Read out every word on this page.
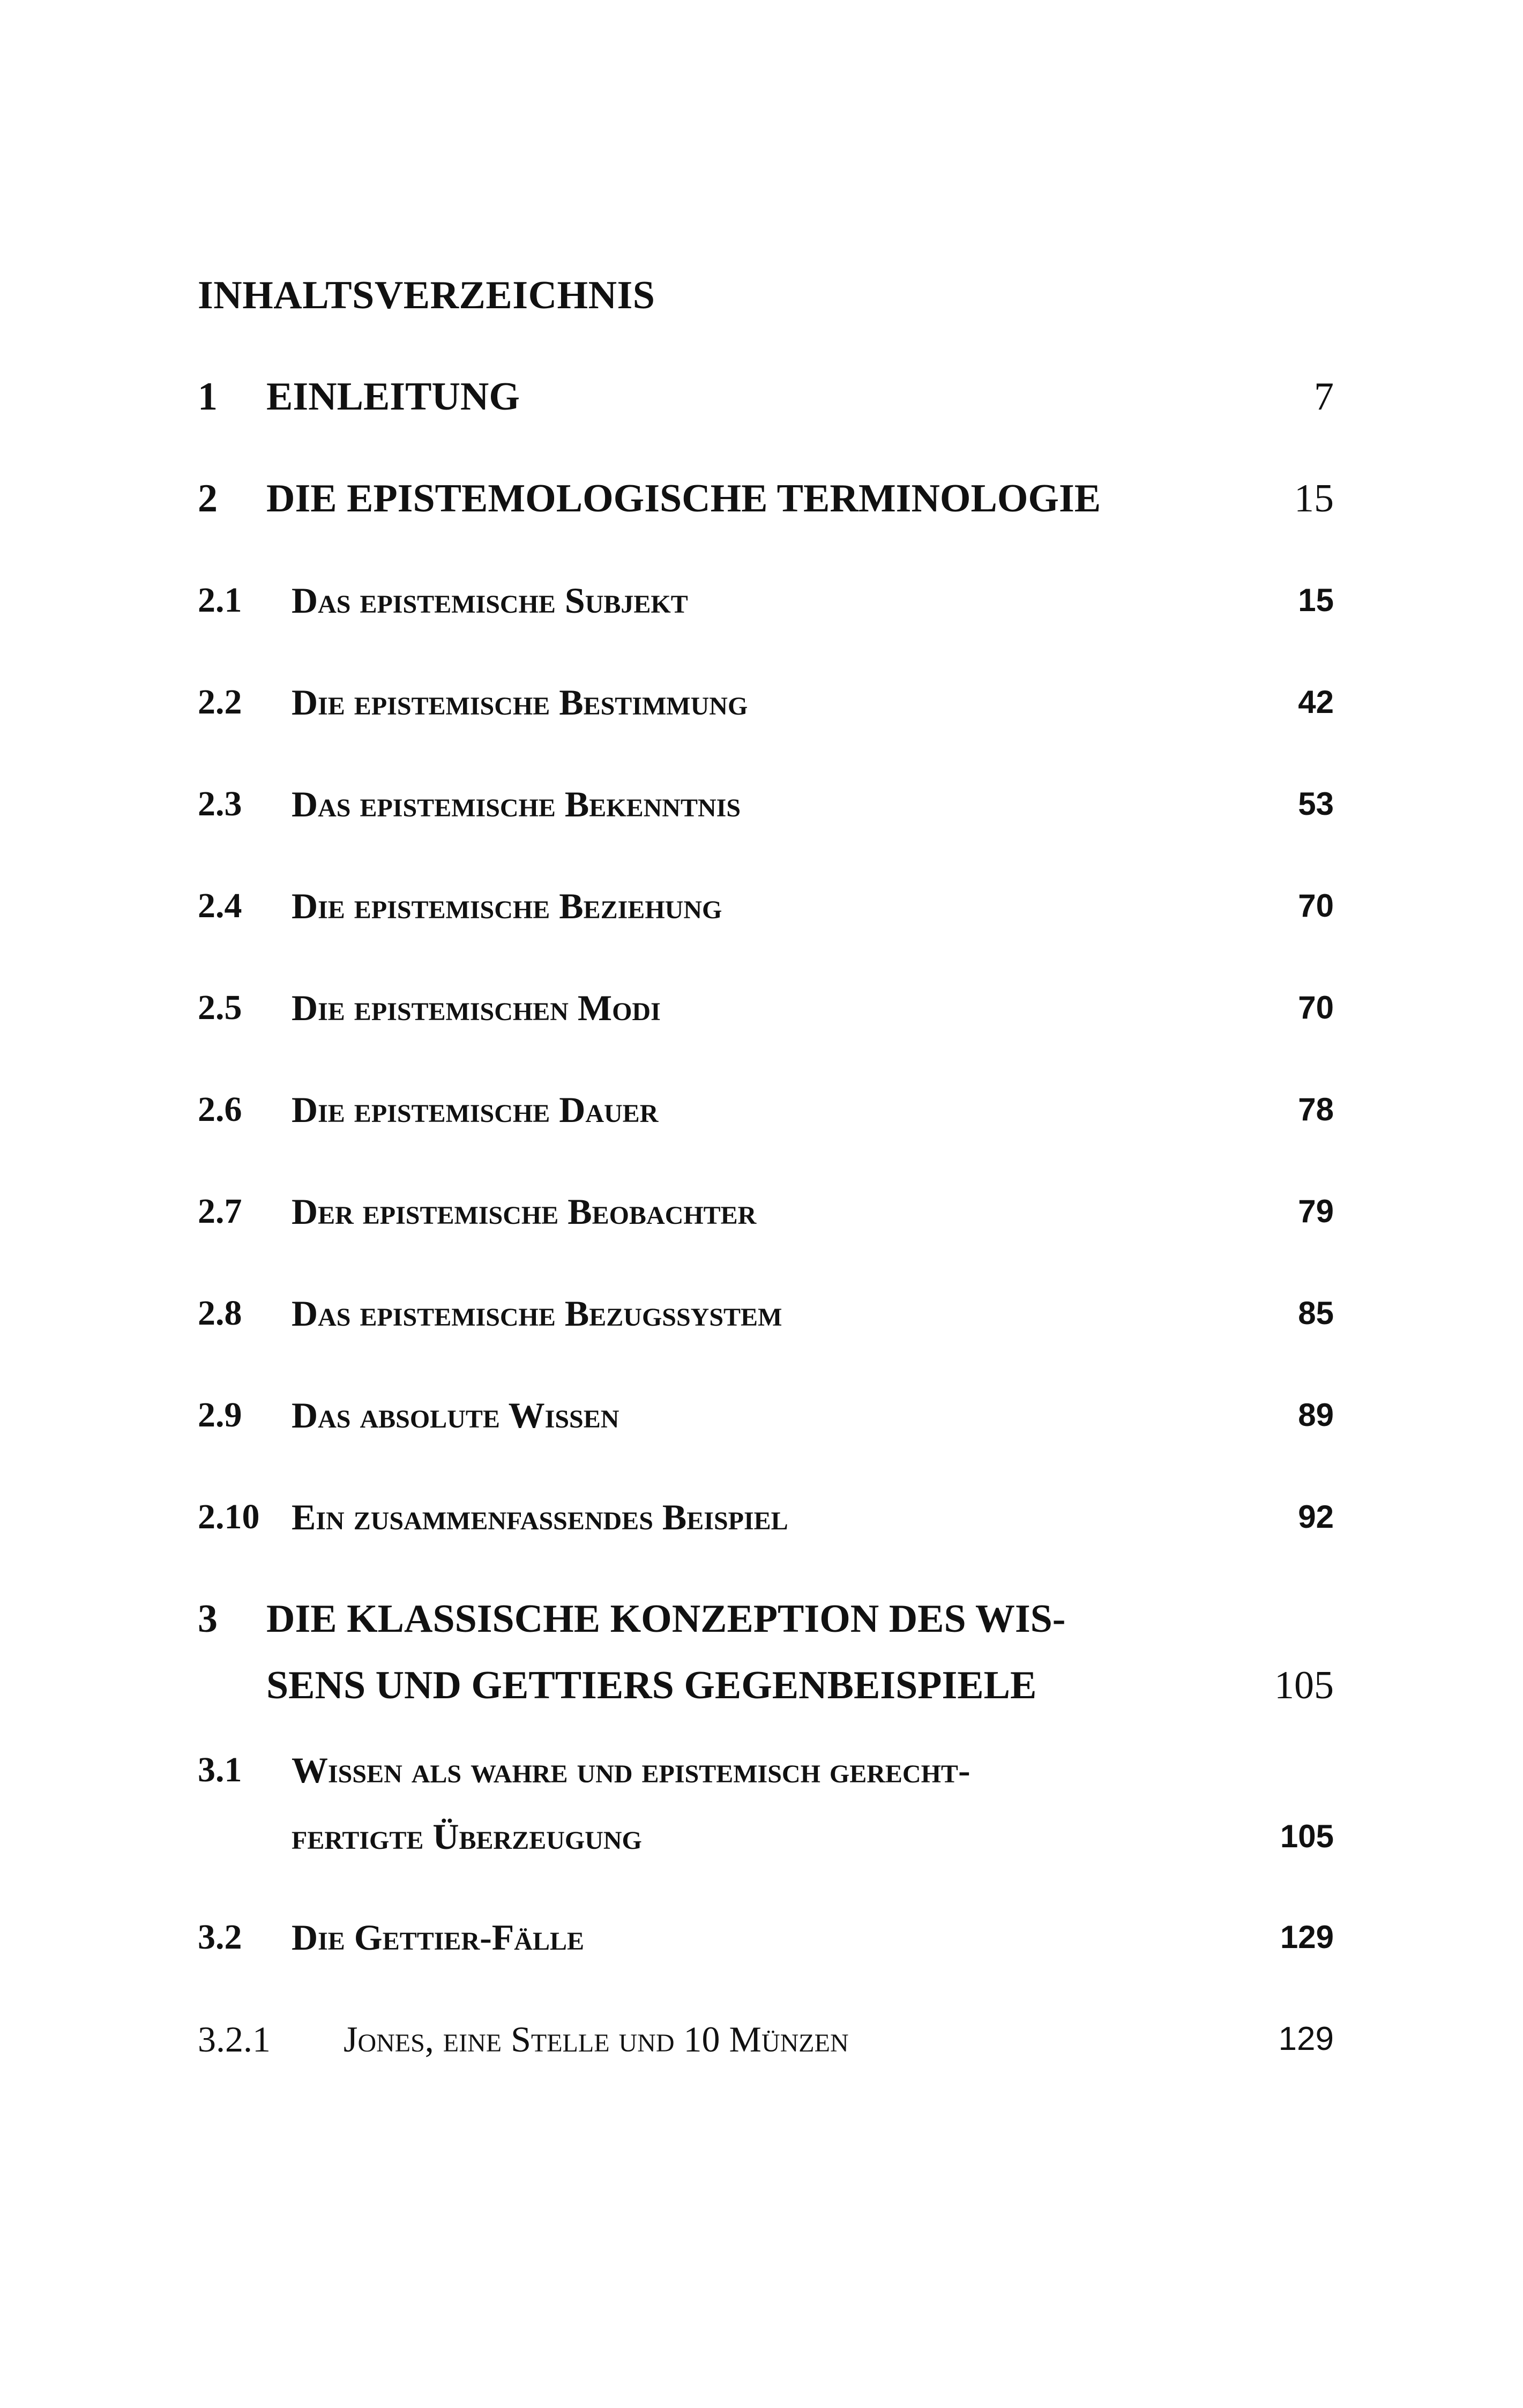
INHALTSVERZEICHNIS
1 EINLEITUNG	7
2 DIE EPISTEMOLOGISCHE TERMINOLOGIE	15
2.1 Das epistemische Subjekt	15
2.2 Die epistemische Bestimmung	42
2.3 Das epistemische Bekenntnis	53
2.4 Die epistemische Beziehung	70
2.5 Die epistemischen Modi	70
2.6 Die epistemische Dauer	78
2.7 Der epistemische Beobachter	79
2.8 Das epistemische Bezugssystem	85
2.9 Das absolute Wissen	89
2.10 Ein zusammenfassendes Beispiel	92
3 DIE KLASSISCHE KONZEPTION DES WIS-
SENS UND GETTIERS GEGENBEISPIELE	105
3.1 Wissen als wahre und epistemisch gerecht-
fertigte Überzeugung	105
3.2 Die Gettier-Fälle	129
3.2.1 Jones, eine Stelle und 10 Münzen	129
